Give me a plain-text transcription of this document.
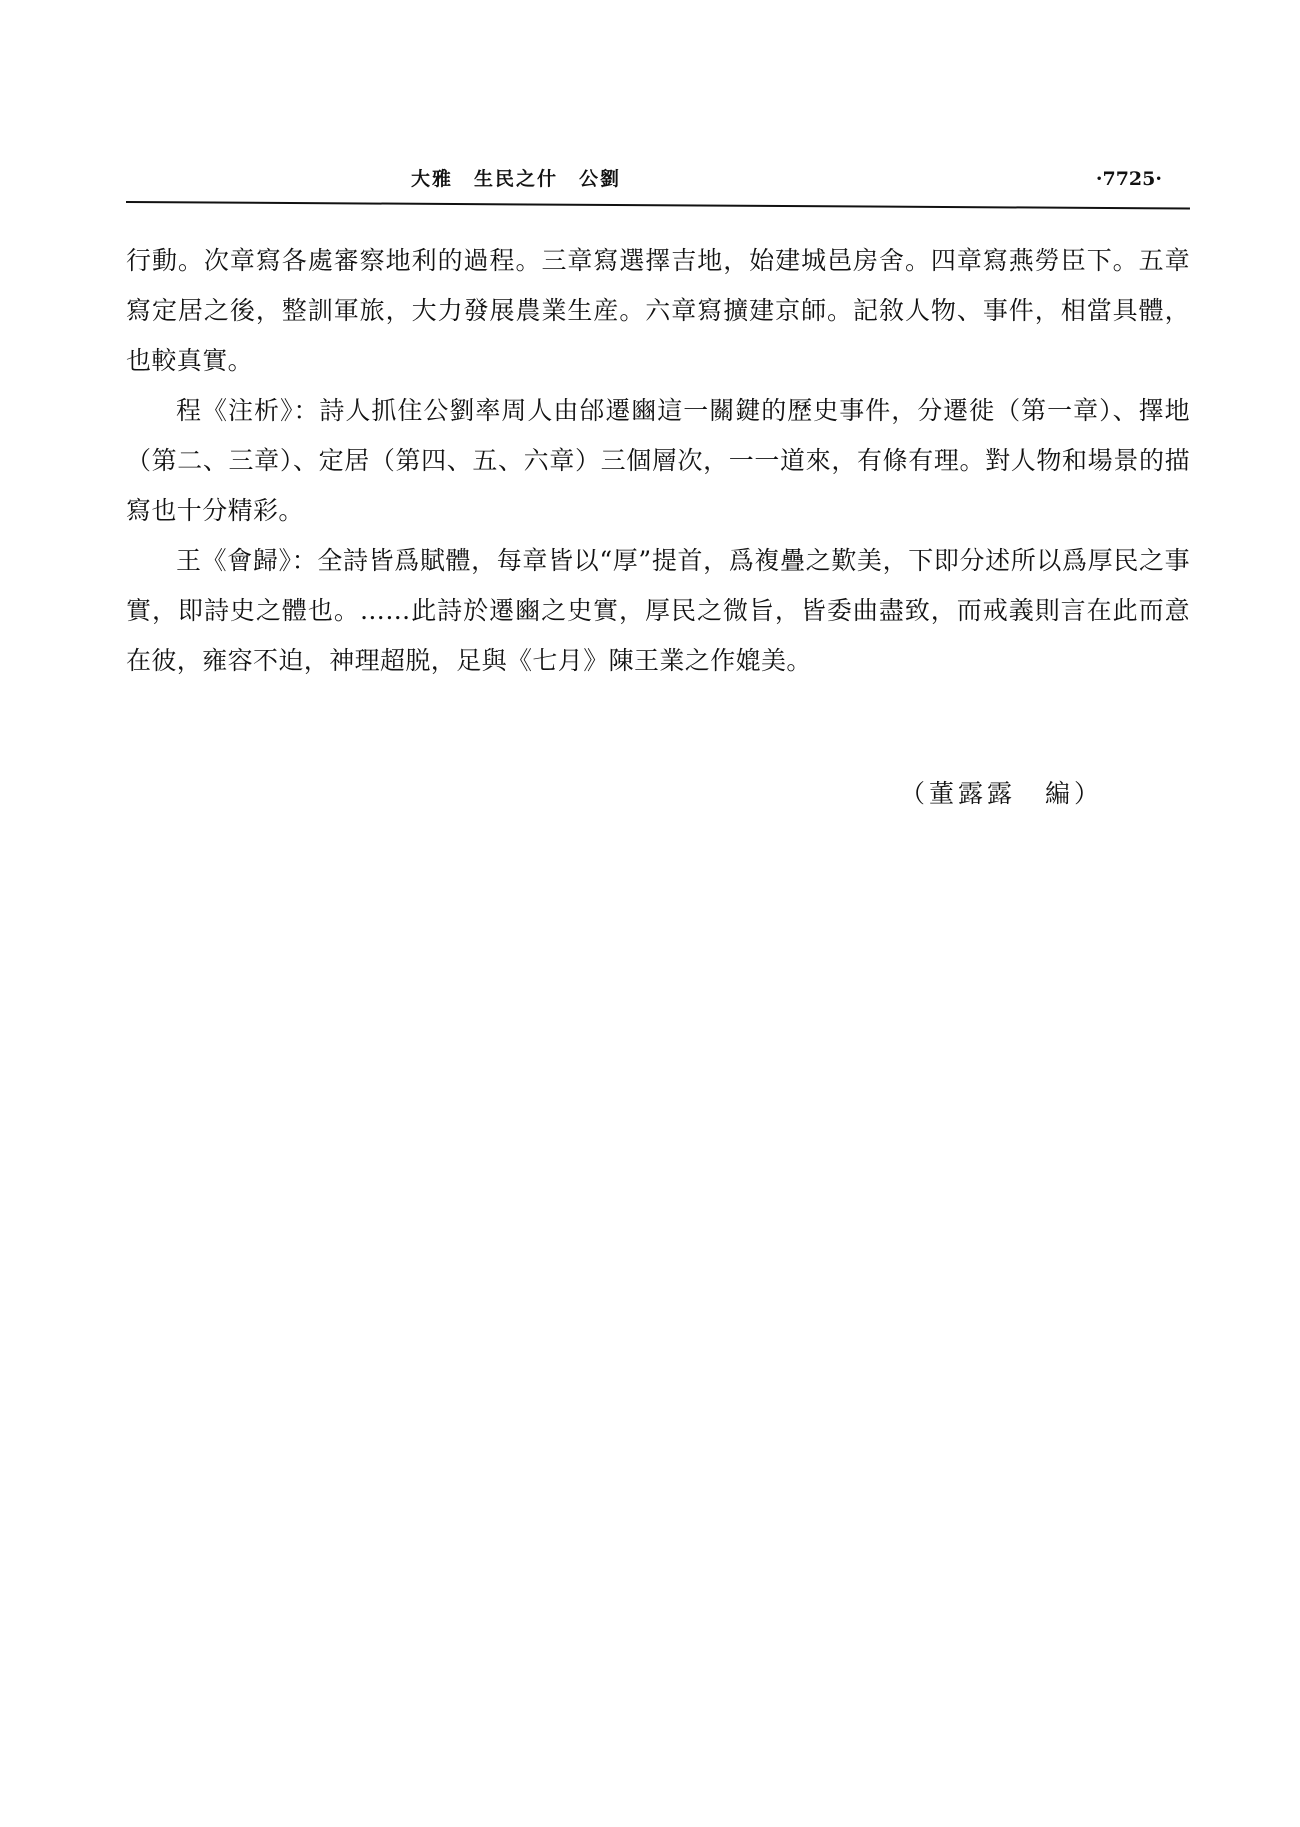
大雅　生民之什　公劉	·7725·

行動。次章寫各處審察地利的過程。三章寫選擇吉地，始建城邑房舍。四章寫燕勞臣下。五章寫定居之後，整訓軍旅，大力發展農業生産。六章寫擴建京師。記敘人物、事件，相當具體，也較真實。

程《注析》：詩人抓住公劉率周人由邰遷豳這一關鍵的歷史事件，分遷徙（第一章）、擇地（第二、三章）、定居（第四、五、六章）三個層次，一一道來，有條有理。對人物和場景的描寫也十分精彩。

王《會歸》：全詩皆爲賦體，每章皆以“厚”提首，爲複疊之歎美，下即分述所以爲厚民之事實，即詩史之體也。……此詩於遷豳之史實，厚民之微旨，皆委曲盡致，而戒義則言在此而意在彼，雍容不迫，神理超脱，足與《七月》陳王業之作媲美。

（董露露　編）
